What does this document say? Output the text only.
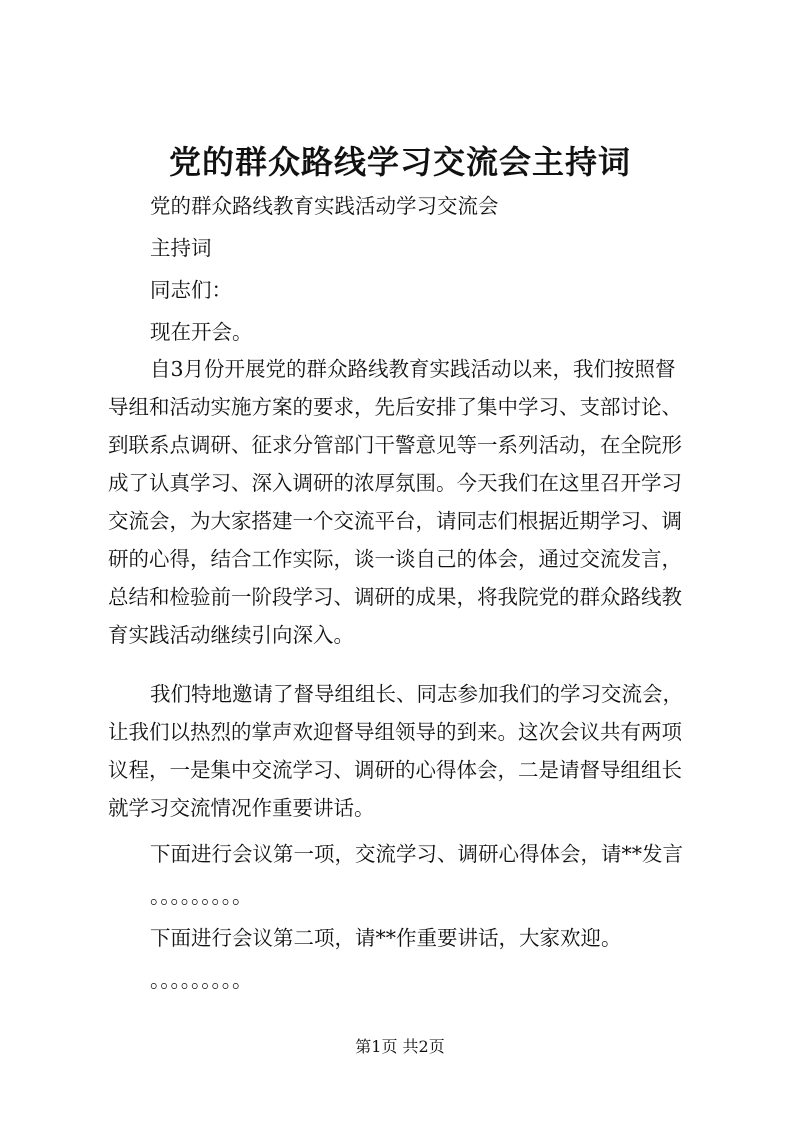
党的群众路线学习交流会主持词
党的群众路线教育实践活动学习交流会
主持词
同志们：
现在开会。
自3月份开展党的群众路线教育实践活动以来，我们按照督
导组和活动实施方案的要求，先后安排了集中学习、支部讨论、
到联系点调研、征求分管部门干警意见等一系列活动，在全院形
成了认真学习、深入调研的浓厚氛围。今天我们在这里召开学习
交流会，为大家搭建一个交流平台，请同志们根据近期学习、调
研的心得，结合工作实际，谈一谈自己的体会，通过交流发言，
总结和检验前一阶段学习、调研的成果，将我院党的群众路线教
育实践活动继续引向深入。
我们特地邀请了督导组组长、同志参加我们的学习交流会，
让我们以热烈的掌声欢迎督导组领导的到来。这次会议共有两项
议程，一是集中交流学习、调研的心得体会，二是请督导组组长
就学习交流情况作重要讲话。
下面进行会议第一项，交流学习、调研心得体会，请**发言
。。。。。。。。。
下面进行会议第二项，请**作重要讲话，大家欢迎。
。。。。。。。。。
第1页 共2页
